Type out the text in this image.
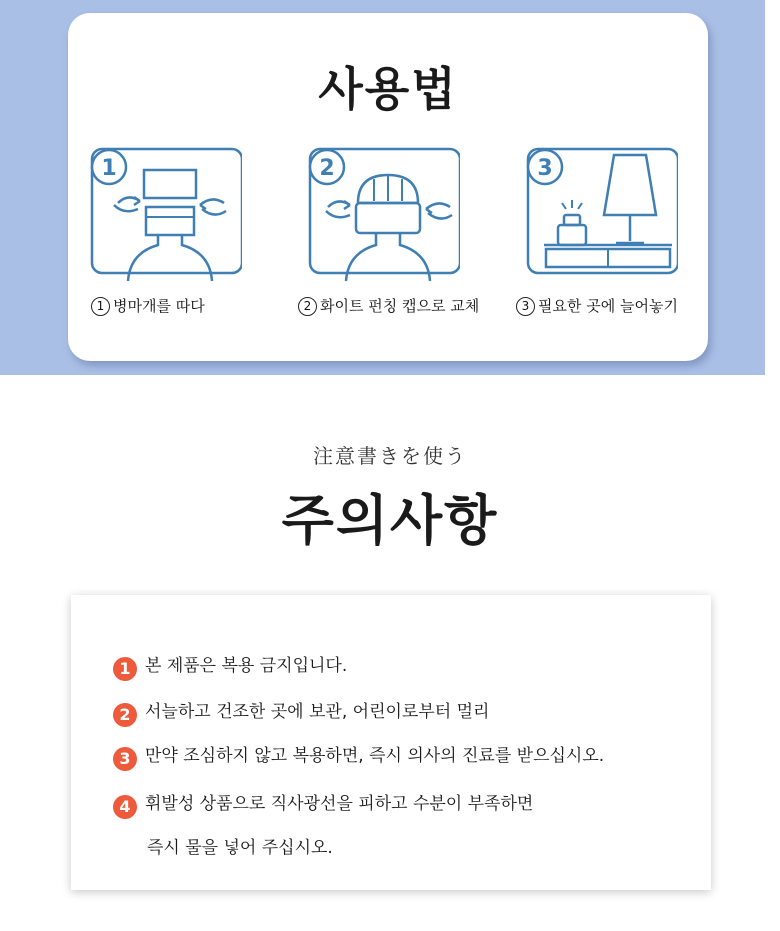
사용법
1	2	3
1 병마개를 따다	2 화이트 펀칭 캡으로 교체	3 필요한 곳에 늘어놓기
注意書きを使う
주의사항
1 본 제품은 복용 금지입니다.
2 서늘하고 건조한 곳에 보관, 어린이로부터 멀리
3 만약 조심하지 않고 복용하면, 즉시 의사의 진료를 받으십시오.
4 휘발성 상품으로 직사광선을 피하고 수분이 부족하면
즉시 물을 넣어 주십시오.
